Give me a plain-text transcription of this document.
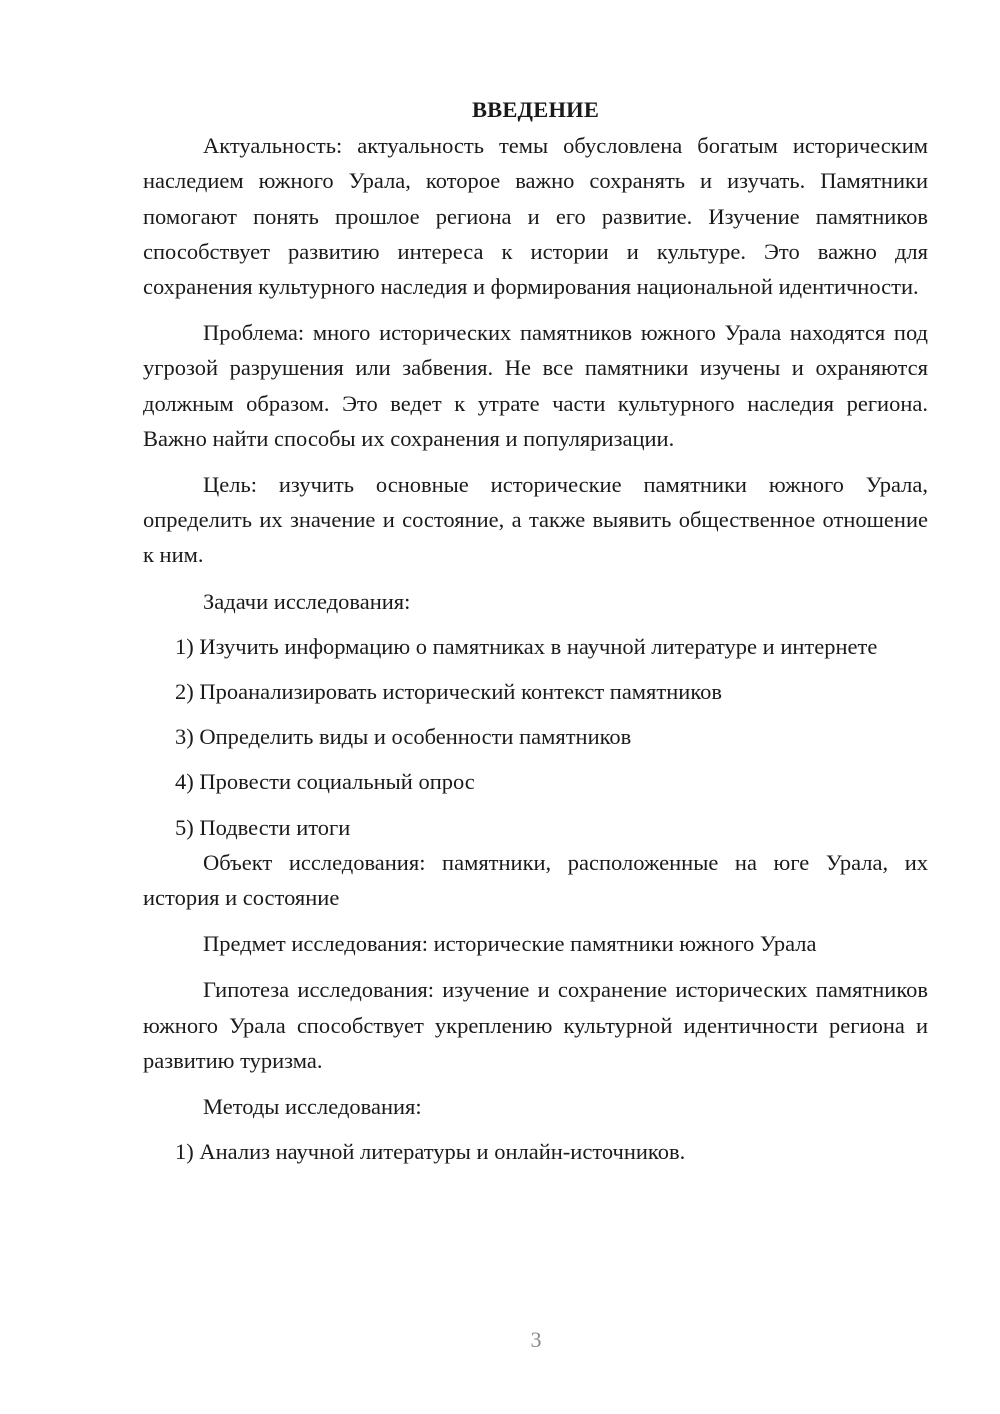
ВВЕДЕНИЕ

Актуальность: актуальность темы обусловлена богатым историческим наследием южного Урала, которое важно сохранять и изучать. Памятники помогают понять прошлое региона и его развитие. Изучение памятников способствует развитию интереса к истории и культуре. Это важно для сохранения культурного наследия и формирования национальной идентичности.

Проблема: много исторических памятников южного Урала находятся под угрозой разрушения или забвения. Не все памятники изучены и охраняются должным образом. Это ведет к утрате части культурного наследия региона. Важно найти способы их сохранения и популяризации.

Цель: изучить основные исторические памятники южного Урала, определить их значение и состояние, а также выявить общественное отношение к ним.

Задачи исследования:

1) Изучить информацию о памятниках в научной литературе и интернете

2) Проанализировать исторический контекст памятников

3) Определить виды и особенности памятников

4) Провести социальный опрос

5) Подвести итоги

Объект исследования: памятники, расположенные на юге Урала, их история и состояние

Предмет исследования: исторические памятники южного Урала

Гипотеза исследования: изучение и сохранение исторических памятников южного Урала способствует укреплению культурной идентичности региона и развитию туризма.

Методы исследования:

1) Анализ научной литературы и онлайн-источников.

3
